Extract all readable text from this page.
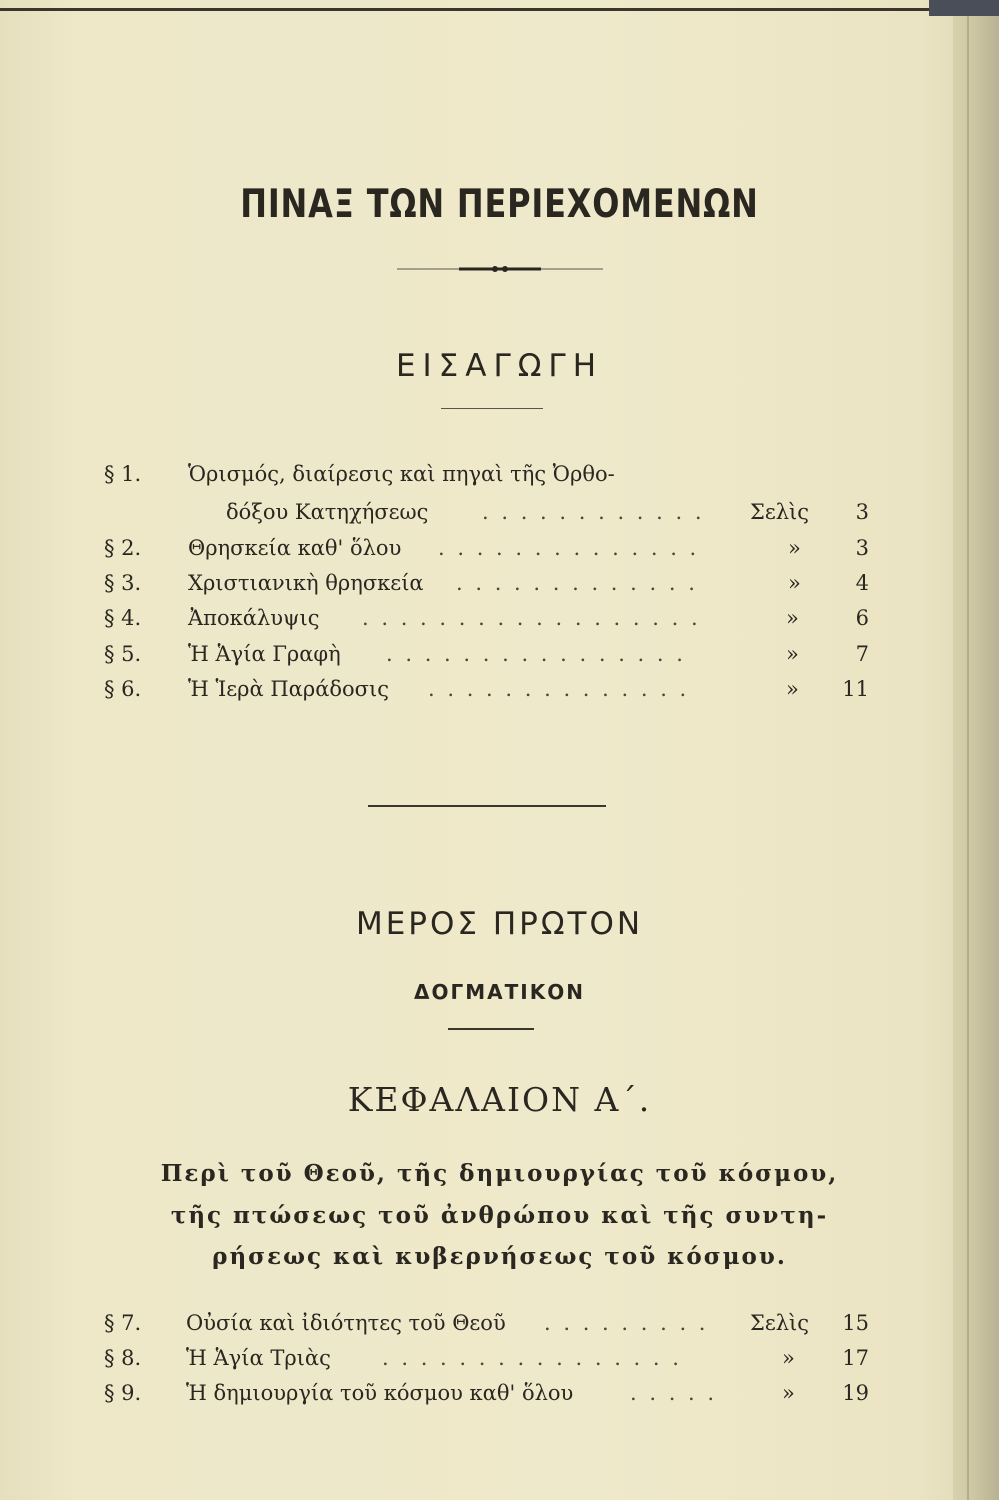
ΠΙΝΑΞ ΤΩΝ ΠΕΡΙΕΧΟΜΕΝΩΝ
ΕΙΣΑΓΩΓΗ
§ 1. Ὁρισμός, διαίρεσις καὶ πηγαὶ τῆς Ὀρθο-
δόξου Κατηχήσεως	. . . . . . . . . . . . Σελὶς	3
§ 2. Θρησκεία καθ' ὅλου . . . . . . . . . . . . . .	»	3
§ 3. Χριστιανικὴ θρησκεία . . . . . . . . . . . . .	»	4
§ 4. Ἀποκάλυψις . . . . . . . . . . . . . . . . . .	»	6
§ 5. Ἡ Ἁγία Γραφὴ . . . . . . . . . . . . . . . .	»	7
§ 6. Ἡ Ἱερὰ Παράδοσις . . . . . . . . . . . . . .	»	11
ΜΕΡΟΣ ΠΡΩΤΟΝ
ΔΟΓΜΑΤΙΚΟΝ
ΚΕΦΑΛΑΙΟΝ Α΄.
Περὶ τοῦ Θεοῦ, τῆς δημιουργίας τοῦ κόσμου,
τῆς πτώσεως τοῦ ἀνθρώπου καὶ τῆς συντη-
ρήσεως καὶ κυβερνήσεως τοῦ κόσμου.
§ 7. Οὐσία καὶ ἰδιότητες τοῦ Θεοῦ . . . . . . . . . Σελὶς	15
§ 8. Ἡ Ἁγία Τριὰς . . . . . . . . . . . . . . . .	»	17
§ 9. Ἡ δημιουργία τοῦ κόσμου καθ' ὅλου	. . . . .	»	19
